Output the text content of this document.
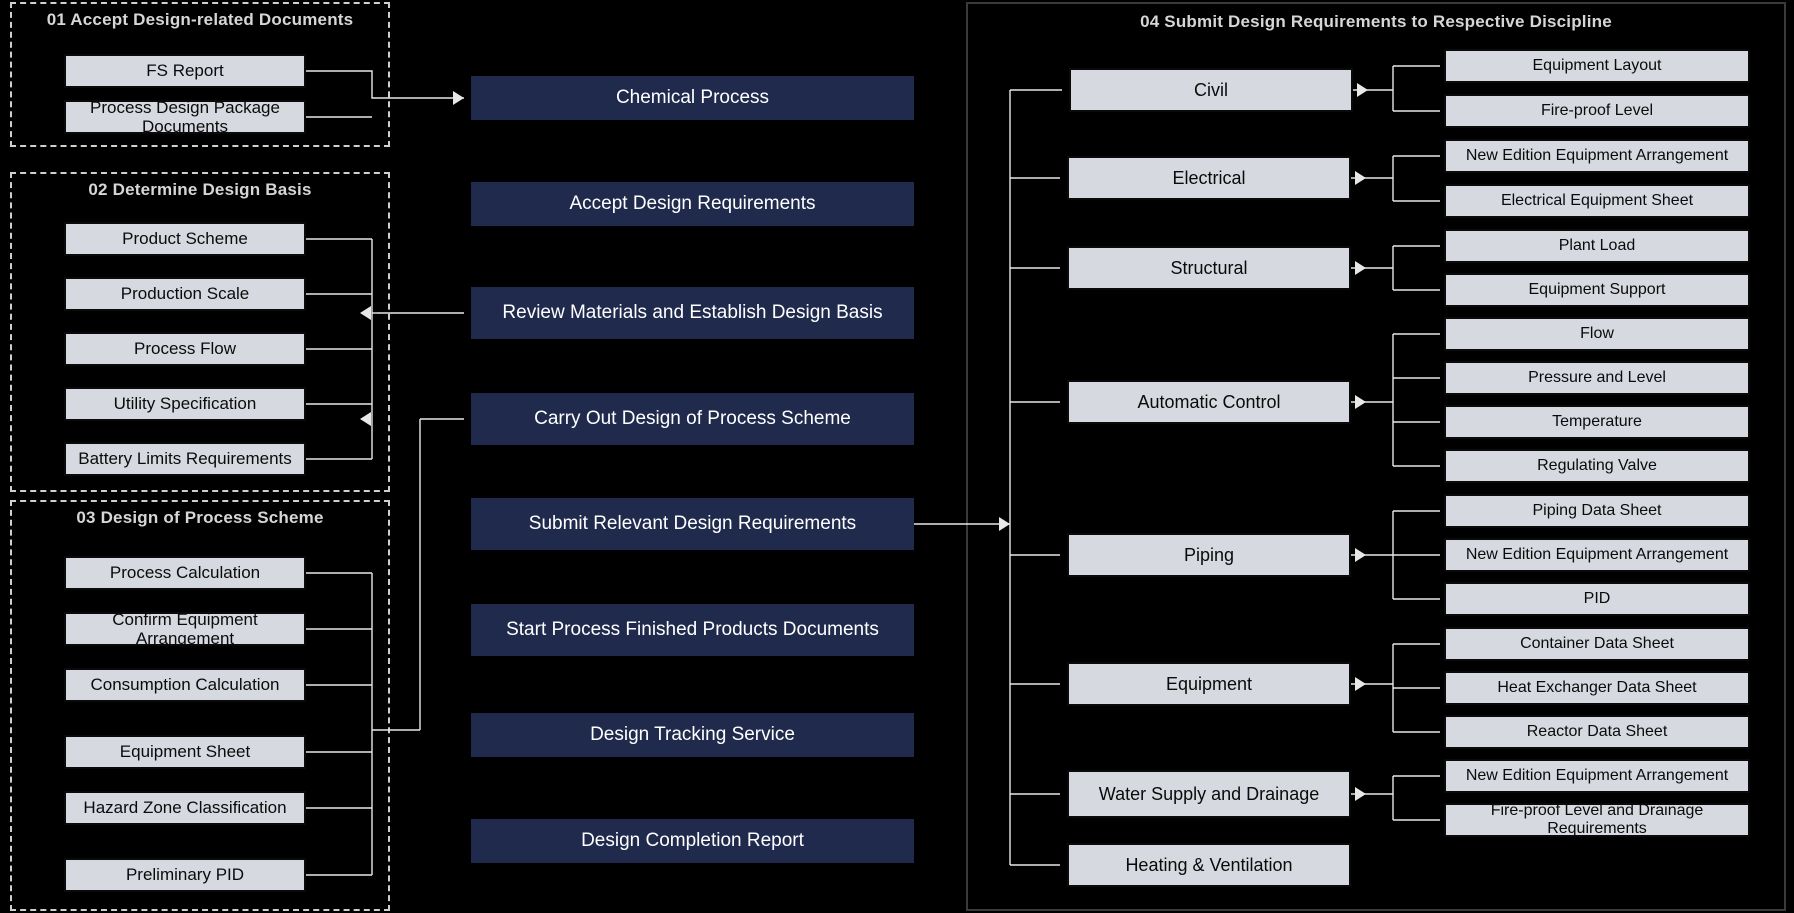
01 Accept Design-related Documents
FS Report
Process Design Package Documents
02 Determine Design Basis
Product Scheme
Production Scale
Process Flow
Utility Specification
Battery Limits Requirements
03 Design of Process Scheme
Process Calculation
Confirm Equipment Arrangement
Consumption Calculation
Equipment Sheet
Hazard Zone Classification
Preliminary PID
Chemical Process
Accept Design Requirements
Review Materials and Establish Design Basis
Carry Out Design of Process Scheme
Submit Relevant Design Requirements
Start Process Finished Products Documents
Design Tracking Service
Design Completion Report
04 Submit Design Requirements to Respective Discipline
Civil
Electrical
Structural
Automatic Control
Piping
Equipment
Water Supply and Drainage
Heating & Ventilation
Equipment Layout
Fire-proof Level
New Edition Equipment Arrangement
Electrical Equipment Sheet
Plant Load
Equipment Support
Flow
Pressure and Level
Temperature
Regulating Valve
Piping Data Sheet
New Edition Equipment Arrangement
PID
Container Data Sheet
Heat Exchanger Data Sheet
Reactor Data Sheet
New Edition Equipment Arrangement
Fire-proof Level and Drainage Requirements
